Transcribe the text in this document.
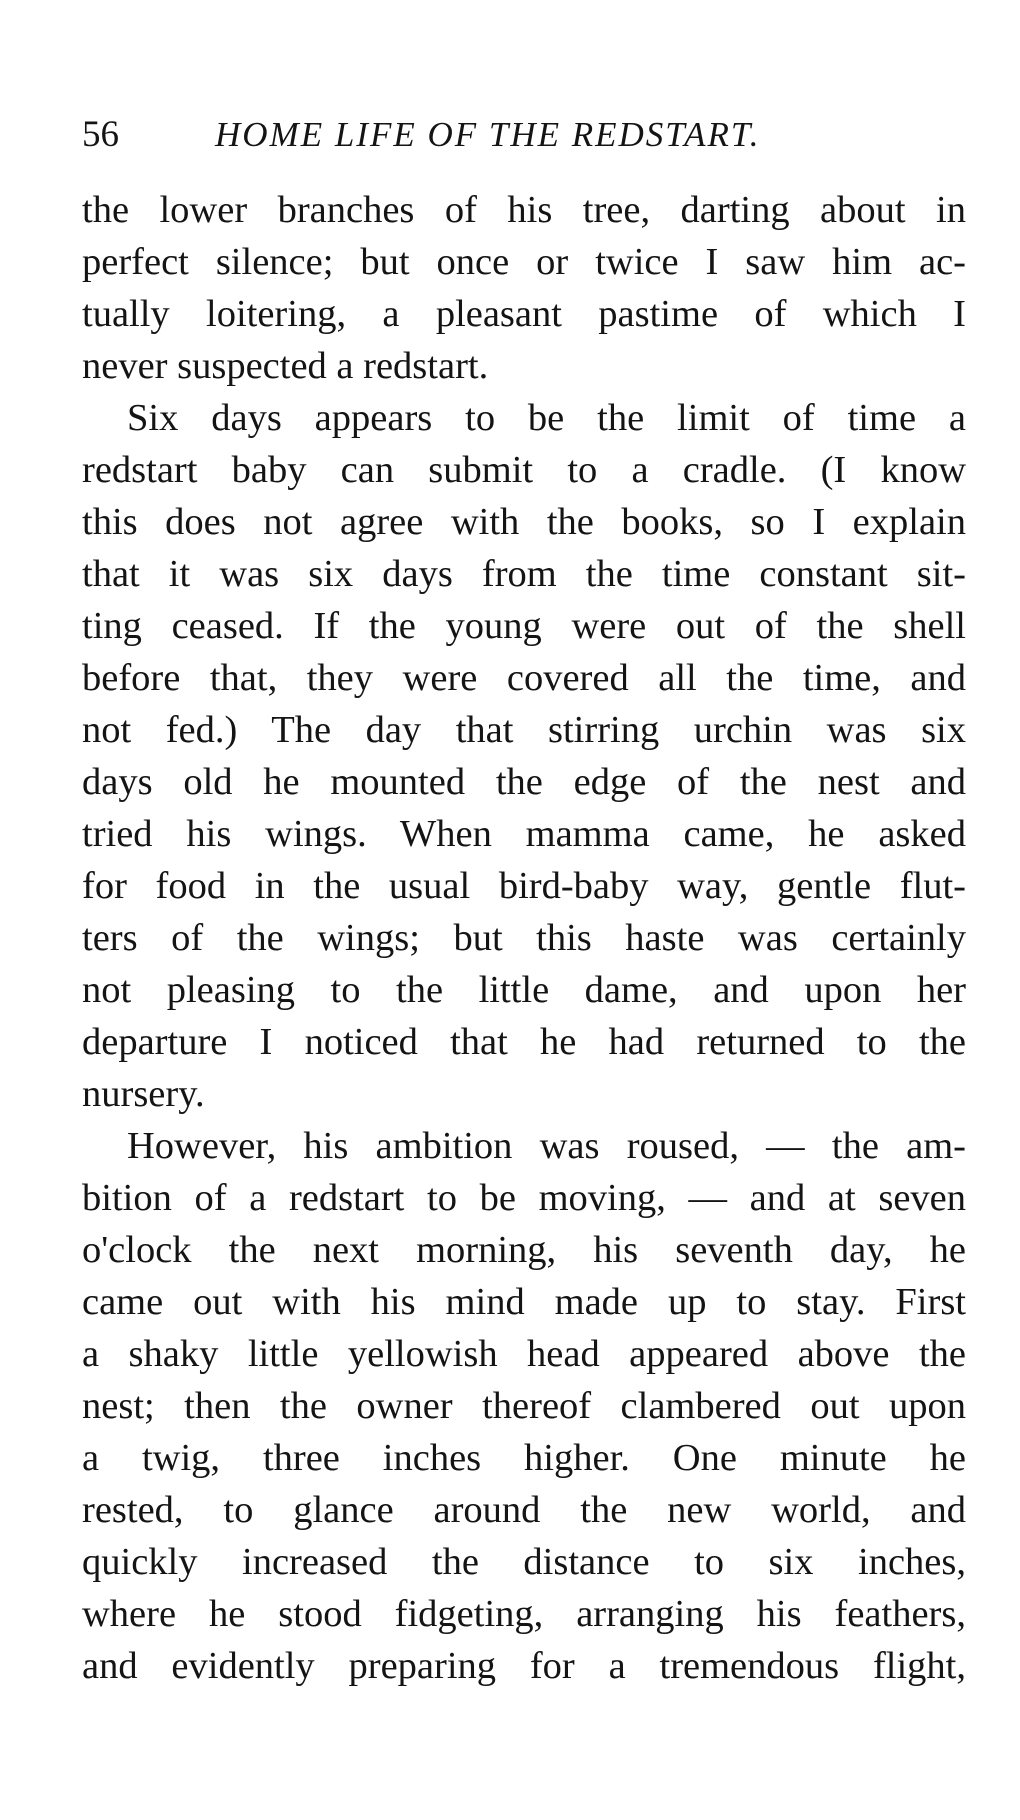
56	HOME LIFE OF THE REDSTART.
the lower branches of his tree, darting about in
perfect silence; but once or twice I saw him ac-
tually loitering, a pleasant pastime of which I
never suspected a redstart.
Six days appears to be the limit of time a
redstart baby can submit to a cradle. (I know
this does not agree with the books, so I explain
that it was six days from the time constant sit-
ting ceased. If the young were out of the shell
before that, they were covered all the time, and
not fed.) The day that stirring urchin was six
days old he mounted the edge of the nest and
tried his wings. When mamma came, he asked
for food in the usual bird-baby way, gentle flut-
ters of the wings; but this haste was certainly
not pleasing to the little dame, and upon her
departure I noticed that he had returned to the
nursery.
However, his ambition was roused, — the am-
bition of a redstart to be moving, — and at seven
o'clock the next morning, his seventh day, he
came out with his mind made up to stay. First
a shaky little yellowish head appeared above the
nest; then the owner thereof clambered out upon
a twig, three inches higher. One minute he
rested, to glance around the new world, and
quickly increased the distance to six inches,
where he stood fidgeting, arranging his feathers,
and evidently preparing for a tremendous flight,
